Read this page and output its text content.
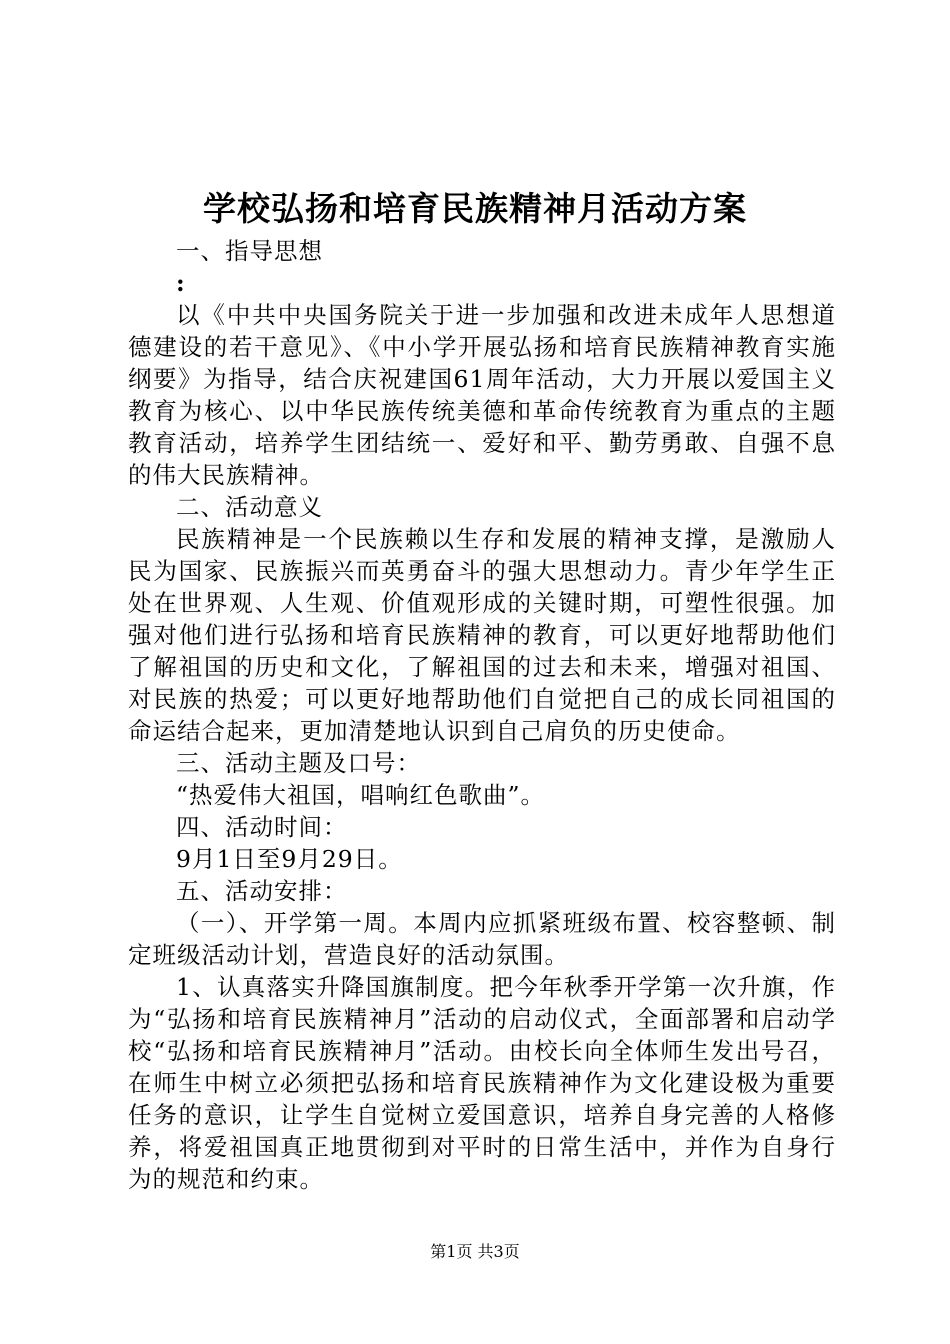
学校弘扬和培育民族精神月活动方案

一、指导思想

:

以《中共中央国务院关于进一步加强和改进未成年人思想道德建设的若干意见》、《中小学开展弘扬和培育民族精神教育实施纲要》为指导，结合庆祝建国61周年活动，大力开展以爱国主义教育为核心、以中华民族传统美德和革命传统教育为重点的主题教育活动，培养学生团结统一、爱好和平、勤劳勇敢、自强不息的伟大民族精神。

二、活动意义

民族精神是一个民族赖以生存和发展的精神支撑，是激励人民为国家、民族振兴而英勇奋斗的强大思想动力。青少年学生正处在世界观、人生观、价值观形成的关键时期，可塑性很强。加强对他们进行弘扬和培育民族精神的教育，可以更好地帮助他们了解祖国的历史和文化，了解祖国的过去和未来，增强对祖国、对民族的热爱；可以更好地帮助他们自觉把自己的成长同祖国的命运结合起来，更加清楚地认识到自己肩负的历史使命。

三、活动主题及口号：

“热爱伟大祖国，唱响红色歌曲”。

四、活动时间：

9月1日至9月29日。

五、活动安排：

（一）、开学第一周。本周内应抓紧班级布置、校容整顿、制定班级活动计划，营造良好的活动氛围。

1、认真落实升降国旗制度。把今年秋季开学第一次升旗，作为“弘扬和培育民族精神月”活动的启动仪式，全面部署和启动学校“弘扬和培育民族精神月”活动。由校长向全体师生发出号召，在师生中树立必须把弘扬和培育民族精神作为文化建设极为重要任务的意识，让学生自觉树立爱国意识，培养自身完善的人格修养，将爱祖国真正地贯彻到对平时的日常生活中，并作为自身行为的规范和约束。

第1页 共3页
